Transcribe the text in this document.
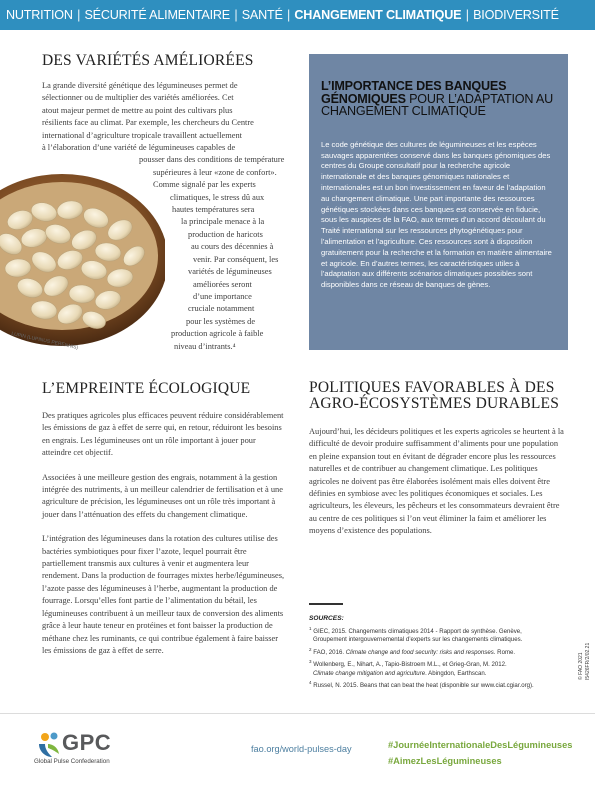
NUTRITION | SÉCURITÉ ALIMENTAIRE | SANTÉ | CHANGEMENT CLIMATIQUE | BIODIVERSITÉ
DES VARIÉTÉS AMÉLIORÉES
La grande diversité génétique des légumineuses permet de
sélectionner ou de multiplier des variétés améliorées. Cet
atout majeur permet de mettre au point des cultivars plus
résilients face au climat. Par exemple, les chercheurs du Centre
international d’agriculture tropicale travaillent actuellement
à l’élaboration d’une variété de légumineuses capables de
pousser dans des conditions de température
supérieures à leur «zone de confort».
Comme signalé par les experts
climatiques, le stress dû aux
hautes températures sera
la principale menace à la
production de haricots
au cours des décennies à
venir. Par conséquent, les
variétés de légumineuses
améliorées seront
d’une importance
cruciale notamment
pour les systèmes de
production agricole à faible
niveau d’intrants.⁴
LUPIN (LUPINUS PERENNIS)
L’IMPORTANCE DES BANQUES GÉNOMIQUES POUR L’ADAPTATION AU CHANGEMENT CLIMATIQUE

Le code génétique des cultures de légumineuses et les espèces sauvages apparentées conservé dans les banques génomiques des centres du Groupe consultatif pour la recherche agricole internationale et des banques génomiques nationales et internationales est un bon investissement en faveur de l’adaptation au changement climatique. Une part importante des ressources génétiques stockées dans ces banques est conservée en fiducie, sous les auspices de la FAO, aux termes d’un accord découlant du Traité international sur les ressources phytogénétiques pour l’alimentation et l’agriculture. Ces ressources sont à disposition gratuitement pour la recherche et la formation en matière alimentaire et agricole. En d’autres termes, les caractéristiques utiles à l’adaptation aux différents scénarios climatiques possibles sont disponibles dans ce réseau de banques de gènes.

L’EMPREINTE ÉCOLOGIQUE

Des pratiques agricoles plus efficaces peuvent réduire considérablement les émissions de gaz à effet de serre qui, en retour, réduiront les besoins en engrais. Les légumineuses ont un rôle important à jouer pour atteindre cet objectif.

Associées à une meilleure gestion des engrais, notamment à la gestion intégrée des nutriments, à un meilleur calendrier de fertilisation et à une agriculture de précision, les légumineuses ont un rôle très important à jouer dans l’atténuation des effets du changement climatique.

L’intégration des légumineuses dans la rotation des cultures utilise des bactéries symbiotiques pour fixer l’azote, lequel pourrait être partiellement transmis aux cultures à venir et augmentera leur rendement. Dans la production de fourrages mixtes herbe/légumineuses, l’azote passe des légumineuses à l’herbe, augmentant la production de fourrage. Lorsqu’elles font partie de l’alimentation du bétail, les légumineuses contribuent à un meilleur taux de conversion des aliments grâce à leur haute teneur en protéines et font baisser la production de méthane chez les ruminants, ce qui contribue également à faire baisser les émissions de gaz à effet de serre.

POLITIQUES FAVORABLES À DES AGRO-ÉCOSYSTÈMES DURABLES

Aujourd’hui, les décideurs politiques et les experts agricoles se heurtent à la difficulté de devoir produire suffisamment d’aliments pour une population en pleine expansion tout en évitant de dégrader encore plus les ressources naturelles et de contribuer au changement climatique. Les politiques agricoles ne doivent pas être élaborées isolément mais elles doivent être définies en symbiose avec les politiques économiques et sociales. Les agriculteurs, les éleveurs, les pêcheurs et les consommateurs devraient être au centre de ces politiques si l’on veut éliminer la faim et améliorer les moyens d’existence des populations.

SOURCES:
$^1$ GIEC, 2015. Changements climatiques 2014 - Rapport de synthèse. Genève,
Groupement intergouvernemental d’experts sur les changements climatiques.
$^2$ FAO, 2016. Climate change and food security: risks and responses. Rome.
$^3$ Wollenberg, E., Nihart, A., Tapio-Bistroem M.L., et Grieg-Gran, M. 2012.
Climate change mitigation and agriculture. Abingdon, Earthscan.
$^4$ Russel, N. 2015. Beans that can beat the heat (disponible sur www.ciat.cgiar.org).
© FAO 2021 I5426FR/2/02.21
GPC
Global Pulse Confederation
fao.org/world-pulses-day	#JournéeInternationaleDesLégumineuses
#AimezLesLégumineuses
